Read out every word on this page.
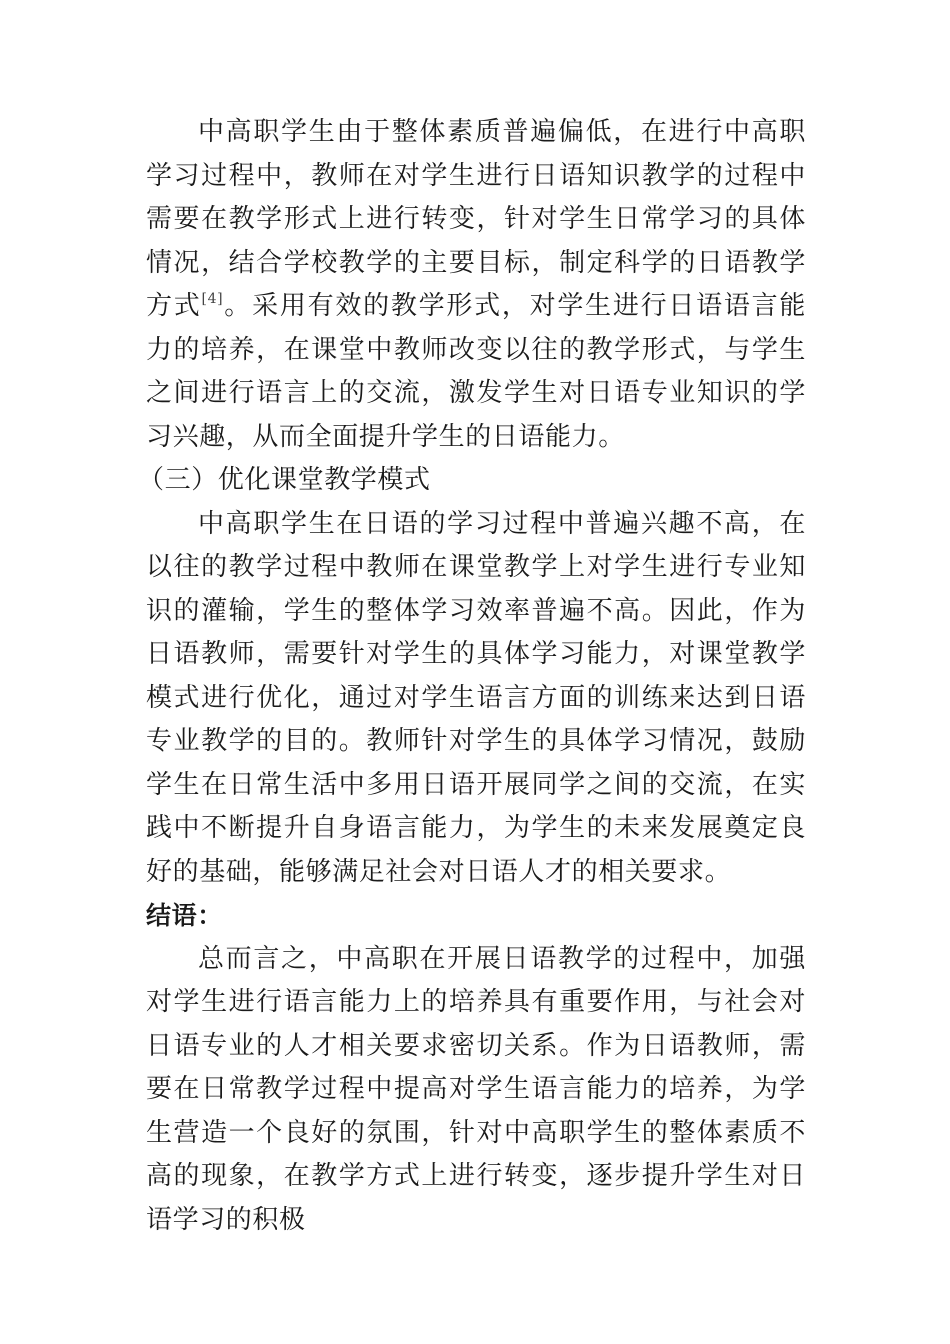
中高职学生由于整体素质普遍偏低，在进行中高职学习过程中，教师在对学生进行日语知识教学的过程中需要在教学形式上进行转变，针对学生日常学习的具体情况，结合学校教学的主要目标，制定科学的日语教学方式[4]。采用有效的教学形式，对学生进行日语语言能力的培养，在课堂中教师改变以往的教学形式，与学生之间进行语言上的交流，激发学生对日语专业知识的学习兴趣，从而全面提升学生的日语能力。

（三）优化课堂教学模式

中高职学生在日语的学习过程中普遍兴趣不高，在以往的教学过程中教师在课堂教学上对学生进行专业知识的灌输，学生的整体学习效率普遍不高。因此，作为日语教师，需要针对学生的具体学习能力，对课堂教学模式进行优化，通过对学生语言方面的训练来达到日语专业教学的目的。教师针对学生的具体学习情况，鼓励学生在日常生活中多用日语开展同学之间的交流，在实践中不断提升自身语言能力，为学生的未来发展奠定良好的基础，能够满足社会对日语人才的相关要求。

结语：

总而言之，中高职在开展日语教学的过程中，加强对学生进行语言能力上的培养具有重要作用，与社会对日语专业的人才相关要求密切关系。作为日语教师，需要在日常教学过程中提高对学生语言能力的培养，为学生营造一个良好的氛围，针对中高职学生的整体素质不高的现象，在教学方式上进行转变，逐步提升学生对日语学习的积极
